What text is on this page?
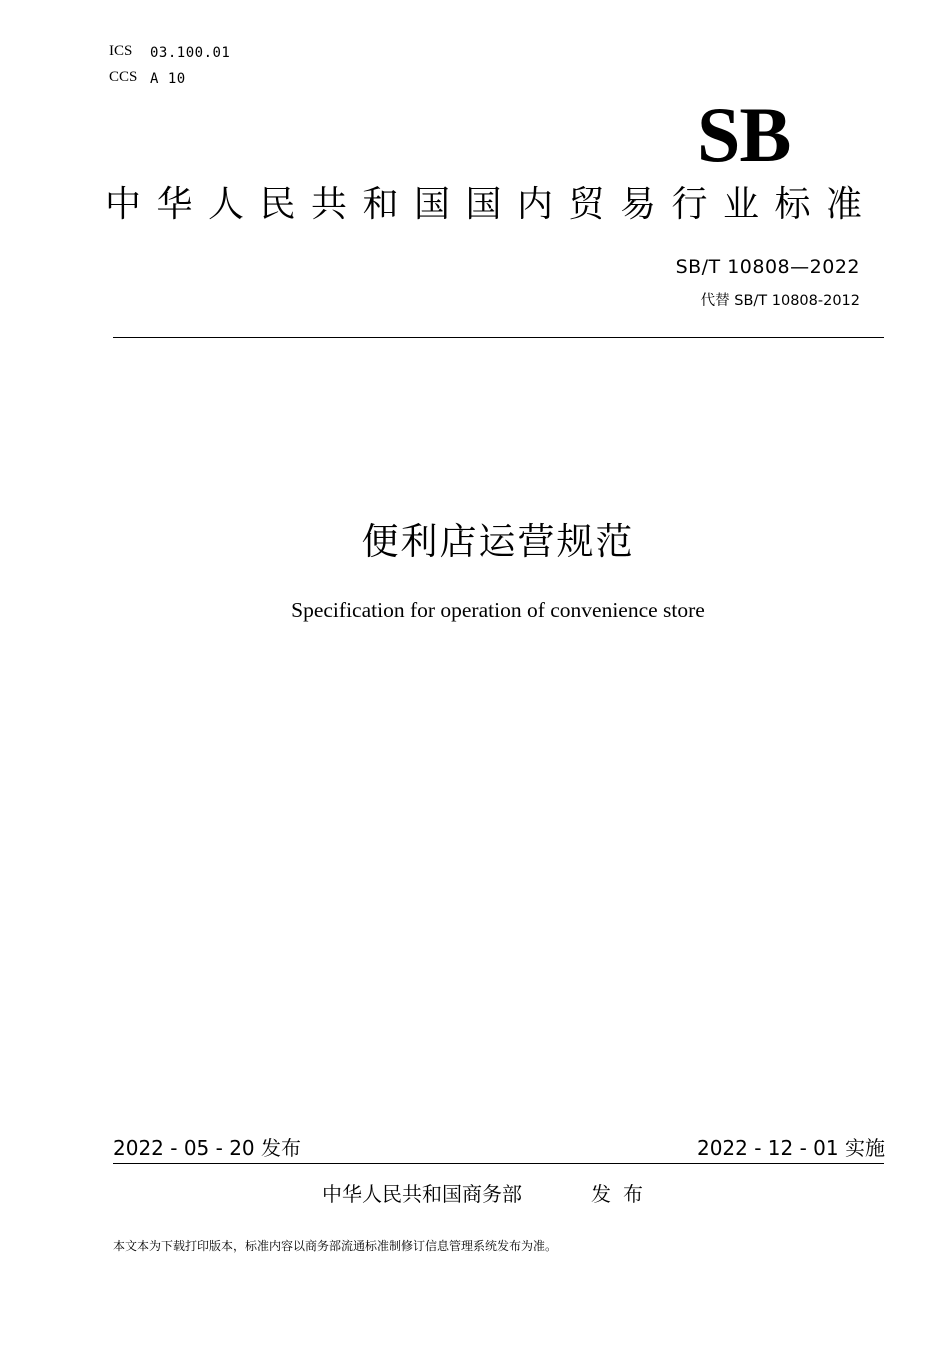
ICS 03.100.01
CCS A 10
SB
中华人民共和国国内贸易行业标准
SB/T 10808—2022
代替 SB/T 10808-2012
便利店运营规范
Specification for operation of convenience store
2022 - 05 - 20 发布	2022 - 12 - 01 实施
中华人民共和国商务部	发布
本文本为下载打印版本，标准内容以商务部流通标准制修订信息管理系统发布为准。
